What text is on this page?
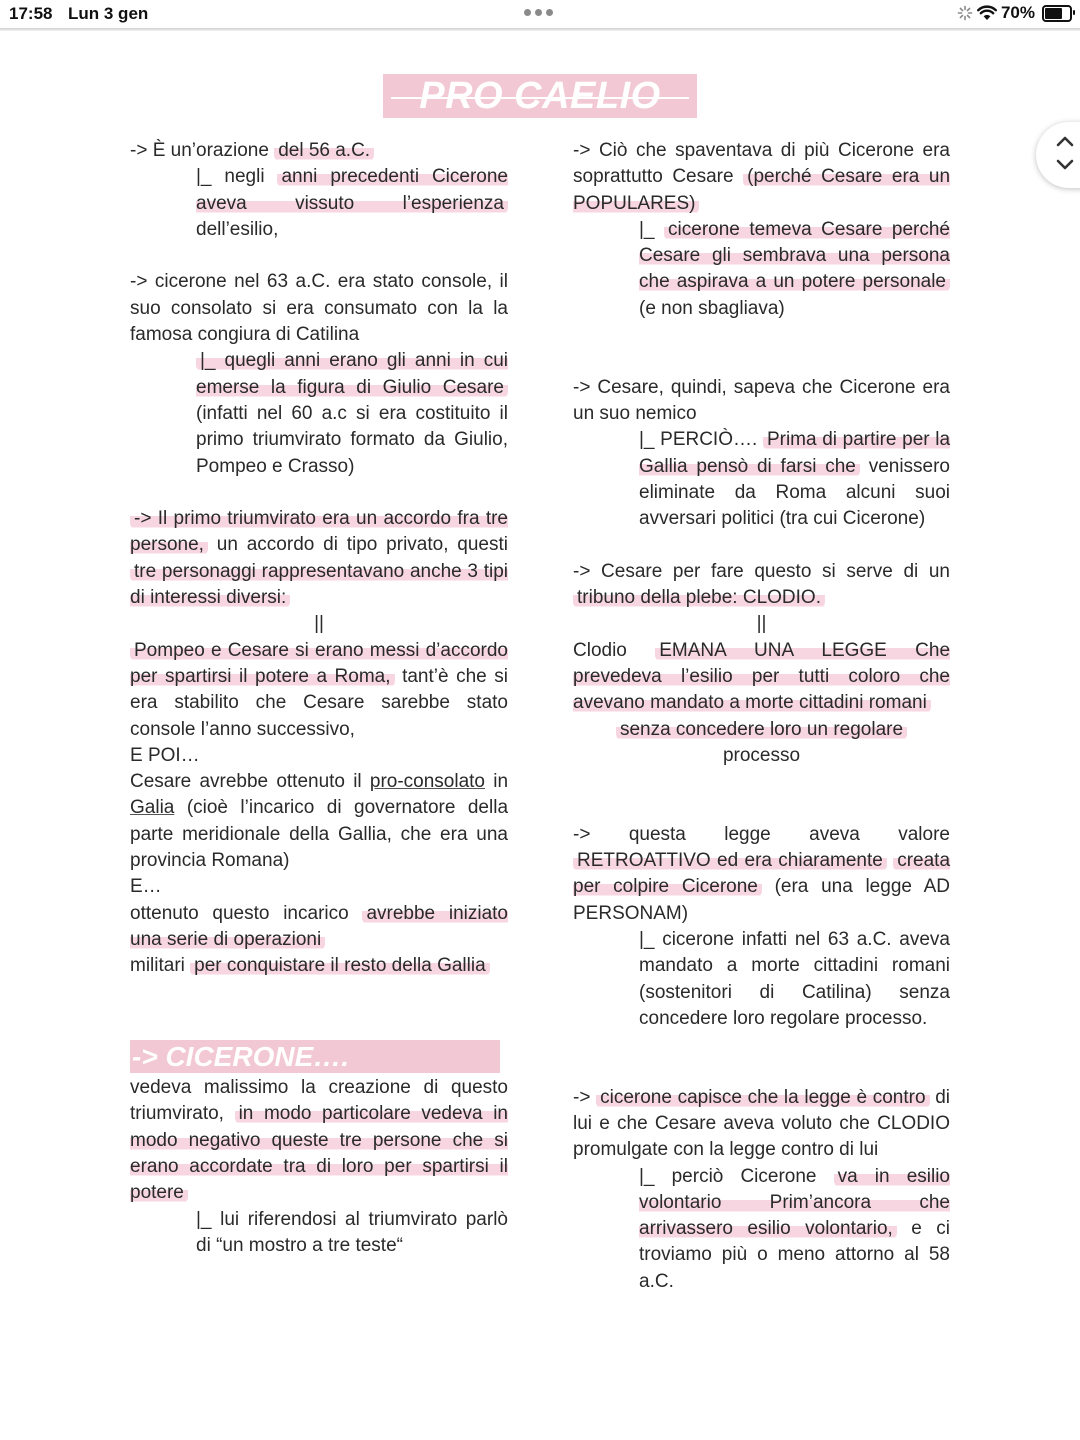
17:58 Lun 3 gen	70%
PRO CAELIO

-> È un’orazione del 56 a.C.

|_ negli anni precedenti Cicerone aveva vissuto l’esperienza dell’esilio,

-> cicerone nel 63 a.C. era stato console, il suo consolato si era consumato con la la famosa congiura di Catilina

|_ quegli anni erano gli anni in cui emerse la figura di Giulio Cesare (infatti nel 60 a.c si era costituito il primo triumvirato formato da Giulio, Pompeo e Crasso)

-> Il primo triumvirato era un accordo fra tre persone, un accordo di tipo privato, questi tre personaggi rappresentavano anche 3 tipi di interessi diversi:

||

Pompeo e Cesare si erano messi d’accordo per spartirsi il potere a Roma, tant’è che si era stabilito che Cesare sarebbe stato console l’anno successivo,

E POI…

Cesare avrebbe ottenuto il pro-consolato in Galia (cioè l’incarico di governatore della parte meridionale della Gallia, che era una provincia Romana)

E…

ottenuto questo incarico avrebbe iniziato una serie di operazioni

militari per conquistare il resto della Gallia

-> CICERONE….

vedeva malissimo la creazione di questo triumvirato, in modo particolare vedeva in modo negativo queste tre persone che si erano accordate tra di loro per spartirsi il potere

|_ lui riferendosi al triumvirato parlò di “un mostro a tre teste“

-> Ciò che spaventava di più Cicerone era soprattutto Cesare (perché Cesare era un POPULARES)

|_ cicerone temeva Cesare perché Cesare gli sembrava una persona che aspirava a un potere personale (e non sbagliava)

-> Cesare, quindi, sapeva che Cicerone era un suo nemico

|_ PERCIÒ…. Prima di partire per la Gallia pensò di farsi che venissero eliminate da Roma alcuni suoi avversari politici (tra cui Cicerone)

-> Cesare per fare questo si serve di un tribuno della plebe: CLODIO.

||

Clodio EMANA UNA LEGGE Che prevedeva l’esilio per tutti coloro che avevano mandato a morte cittadini romani

senza concedere loro un regolare

processo

-> questa legge aveva valore RETROATTIVO ed era chiaramente creata per colpire Cicerone (era una legge AD PERSONAM)

|_ cicerone infatti nel 63 a.C. aveva mandato a morte cittadini romani (sostenitori di Catilina) senza concedere loro regolare processo.

-> cicerone capisce che la legge è contro di lui e che Cesare aveva voluto che CLODIO promulgate con la legge contro di lui

|_ perciò Cicerone va in esilio volontario Prim’ancora che arrivassero esilio volontario, e ci troviamo più o meno attorno al 58 a.C.
